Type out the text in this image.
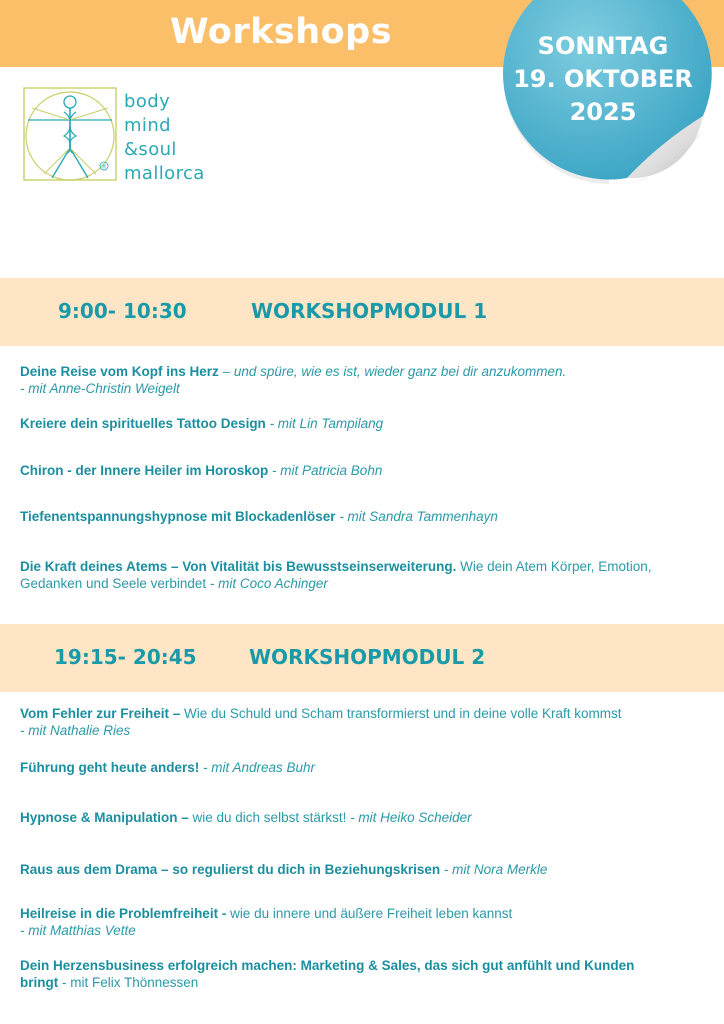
Workshops	SONNTAG
19. OKTOBER
2025
®
body
mind
&soul
mallorca
9:00- 10:30	WORKSHOPMODUL 1
Deine Reise vom Kopf ins Herz – und spüre, wie es ist, wieder ganz bei dir anzukommen.
- mit Anne-Christin Weigelt
Kreiere dein spirituelles Tattoo Design - mit Lin Tampilang
Chiron - der Innere Heiler im Horoskop - mit Patricia Bohn
Tiefenentspannungshypnose mit Blockadenlöser - mit Sandra Tammenhayn
Die Kraft deines Atems – Von Vitalität bis Bewusstseinserweiterung. Wie dein Atem Körper, Emotion, Gedanken und Seele verbindet - mit Coco Achinger
19:15- 20:45	WORKSHOPMODUL 2
Vom Fehler zur Freiheit – Wie du Schuld und Scham transformierst und in deine volle Kraft kommst
- mit Nathalie Ries
Führung geht heute anders! - mit Andreas Buhr
Hypnose & Manipulation – wie du dich selbst stärkst! - mit Heiko Scheider
Raus aus dem Drama – so regulierst du dich in Beziehungskrisen - mit Nora Merkle
Heilreise in die Problemfreiheit - wie du innere und äußere Freiheit leben kannst
- mit Matthias Vette
Dein Herzensbusiness erfolgreich machen: Marketing & Sales, das sich gut anfühlt und Kunden bringt - mit Felix Thönnessen
